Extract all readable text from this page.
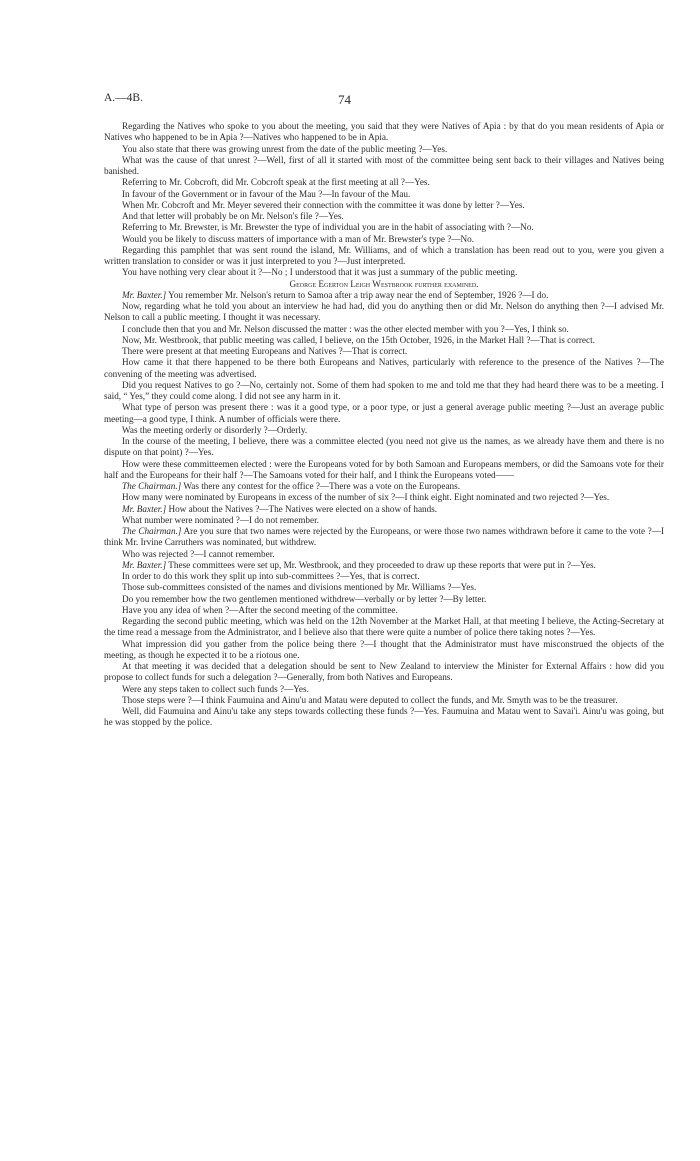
A.—4B.	74

Regarding the Natives who spoke to you about the meeting, you said that they were Natives of Apia : by that do you mean residents of Apia or Natives who happened to be in Apia ?—Natives who happened to be in Apia.

You also state that there was growing unrest from the date of the public meeting ?—Yes.

What was the cause of that unrest ?—Well, first of all it started with most of the committee being sent back to their villages and Natives being banished.

Referring to Mr. Cobcroft, did Mr. Cobcroft speak at the first meeting at all ?—Yes.

In favour of the Government or in favour of the Mau ?—In favour of the Mau.

When Mr. Cobcroft and Mr. Meyer severed their connection with the committee it was done by letter ?—Yes.

And that letter will probably be on Mr. Nelson's file ?—Yes.

Referring to Mr. Brewster, is Mr. Brewster the type of individual you are in the habit of associating with ?—No.

Would you be likely to discuss matters of importance with a man of Mr. Brewster's type ?—No.

Regarding this pamphlet that was sent round the island, Mr. Williams, and of which a translation has been read out to you, were you given a written translation to consider or was it just interpreted to you ?—Just interpreted.

You have nothing very clear about it ?—No ; I understood that it was just a summary of the public meeting.

George Egerton Leigh Westbrook further examined.

Mr. Baxter.] You remember Mr. Nelson's return to Samoa after a trip away near the end of September, 1926 ?—I do.

Now, regarding what he told you about an interview he had had, did you do anything then or did Mr. Nelson do anything then ?—I advised Mr. Nelson to call a public meeting. I thought it was necessary.

I conclude then that you and Mr. Nelson discussed the matter : was the other elected member with you ?—Yes, I think so.

Now, Mr. Westbrook, that public meeting was called, I believe, on the 15th October, 1926, in the Market Hall ?—That is correct.

There were present at that meeting Europeans and Natives ?—That is correct.

How came it that there happened to be there both Europeans and Natives, particularly with reference to the presence of the Natives ?—The convening of the meeting was advertised.

Did you request Natives to go ?—No, certainly not. Some of them had spoken to me and told me that they had heard there was to be a meeting. I said, “ Yes,” they could come along. I did not see any harm in it.

What type of person was present there : was it a good type, or a poor type, or just a general average public meeting ?—Just an average public meeting—a good type, I think. A number of officials were there.

Was the meeting orderly or disorderly ?—Orderly.

In the course of the meeting, I believe, there was a committee elected (you need not give us the names, as we already have them and there is no dispute on that point) ?—Yes.

How were these committeemen elected : were the Europeans voted for by both Samoan and Europeans members, or did the Samoans vote for their half and the Europeans for their half ?—The Samoans voted for their half, and I think the Europeans voted——

The Chairman.] Was there any contest for the office ?—There was a vote on the Europeans.

How many were nominated by Europeans in excess of the number of six ?—I think eight. Eight nominated and two rejected ?—Yes.

Mr. Baxter.] How about the Natives ?—The Natives were elected on a show of hands.

What number were nominated ?—I do not remember.

The Chairman.] Are you sure that two names were rejected by the Europeans, or were those two names withdrawn before it came to the vote ?—I think Mr. Irvine Carruthers was nominated, but withdrew.

Who was rejected ?—I cannot remember.

Mr. Baxter.] These committees were set up, Mr. Westbrook, and they proceeded to draw up these reports that were put in ?—Yes.

In order to do this work they split up into sub-committees ?—Yes, that is correct.

Those sub-committees consisted of the names and divisions mentioned by Mr. Williams ?—Yes.

Do you remember how the two gentlemen mentioned withdrew—verbally or by letter ?—By letter.

Have you any idea of when ?—After the second meeting of the committee.

Regarding the second public meeting, which was held on the 12th November at the Market Hall, at that meeting I believe, the Acting-Secretary at the time read a message from the Administrator, and I believe also that there were quite a number of police there taking notes ?—Yes.

What impression did you gather from the police being there ?—I thought that the Administrator must have misconstrued the objects of the meeting, as though he expected it to be a riotous one.

At that meeting it was decided that a delegation should be sent to New Zealand to interview the Minister for External Affairs : how did you propose to collect funds for such a delegation ?—Generally, from both Natives and Europeans.

Were any steps taken to collect such funds ?—Yes.

Those steps were ?—I think Faumuina and Ainu'u and Matau were deputed to collect the funds, and Mr. Smyth was to be the treasurer.

Well, did Faumuina and Ainu'u take any steps towards collecting these funds ?—Yes. Faumuina and Matau went to Savai'i. Ainu'u was going, but he was stopped by the police.
